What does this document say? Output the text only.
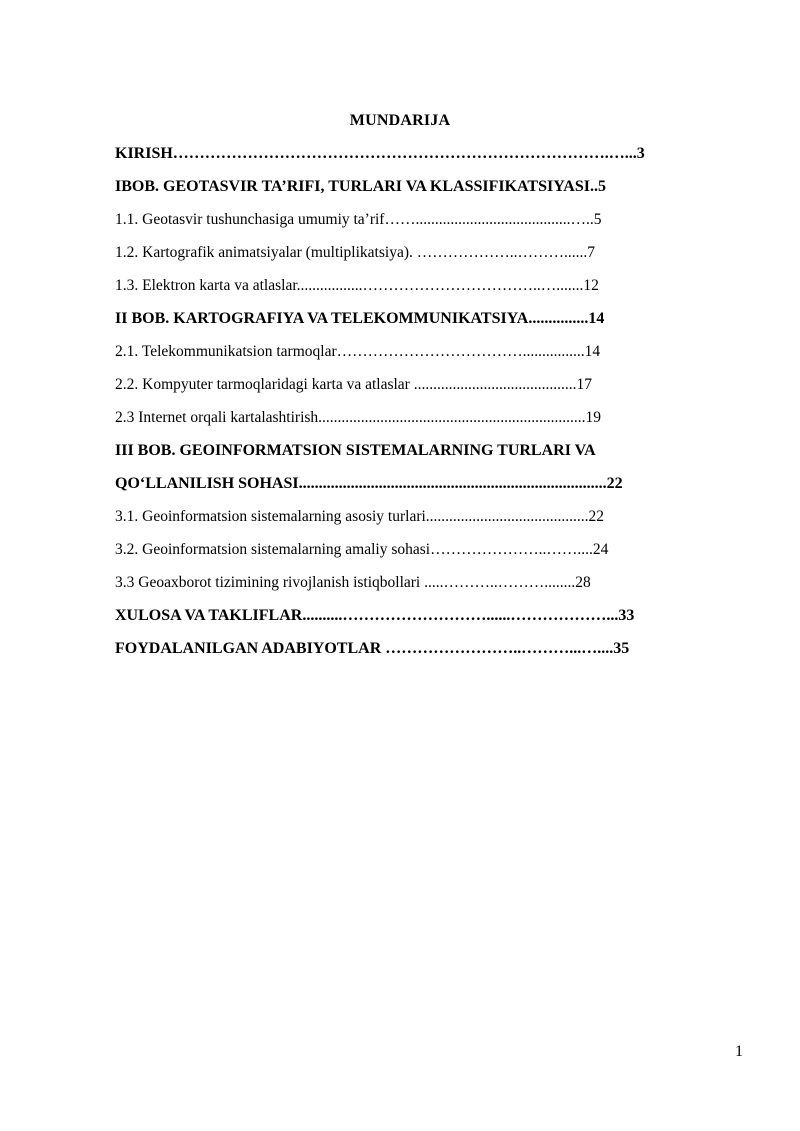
MUNDARIJA
KIRISH……………………………………………………………………….…...3
IBOB. GEOTASVIR TA’RIFI, TURLARI VA KLASSIFIKATSIYASI..5
1.1. Geotasvir tushunchasiga umumiy ta’rif……........................................…..5
1.2. Kartografik animatsiyalar (multiplikatsiya). ………………..………......7
1.3. Elektron karta va atlaslar.................……………………………..….......12
II BOB. KARTOGRAFIYA VA TELEKOMMUNIKATSIYA...............14
2.1. Telekommunikatsion tarmoqlar………………………………................14
2.2. Kompyuter tarmoqlaridagi karta va atlaslar ..........................................17
2.3 Internet orqali kartalashtirish.....................................................................19
III BOB. GEOINFORMATSION SISTEMALARNING TURLARI VA
QO‘LLANILISH SOHASI.............................................................................22
3.1. Geoinformatsion sistemalarning asosiy turlari..........................................22
3.2. Geoinformatsion sistemalarning amaliy sohasi…………………..……....24
3.3 Geoaxborot tizimining rivojlanish istiqbollari .....………..………........28
XULOSA VA TAKLIFLAR..........………………………......………………...33
FOYDALANILGAN ADABIYOTLAR ……………………..………...…....35
1
